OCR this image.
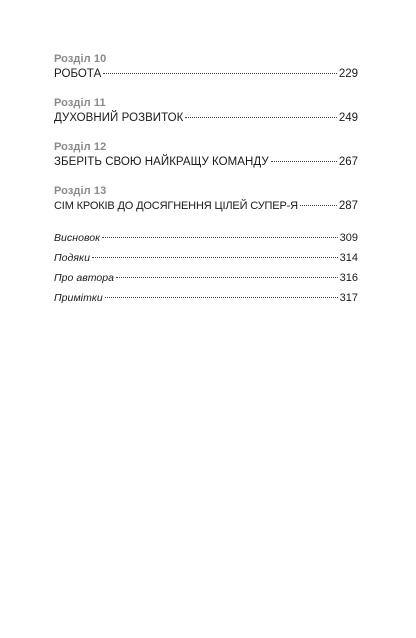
Розділ 10
РОБОТА	229
Розділ 11
ДУХОВНИЙ РОЗВИТОК	249
Розділ 12
ЗБЕРІТЬ СВОЮ НАЙКРАЩУ КОМАНДУ	267
Розділ 13
СІМ КРОКІВ ДО ДОСЯГНЕННЯ ЦІЛЕЙ СУПЕР-Я	287
Висновок	309
Подяки	314
Про автора	316
Примітки	317
